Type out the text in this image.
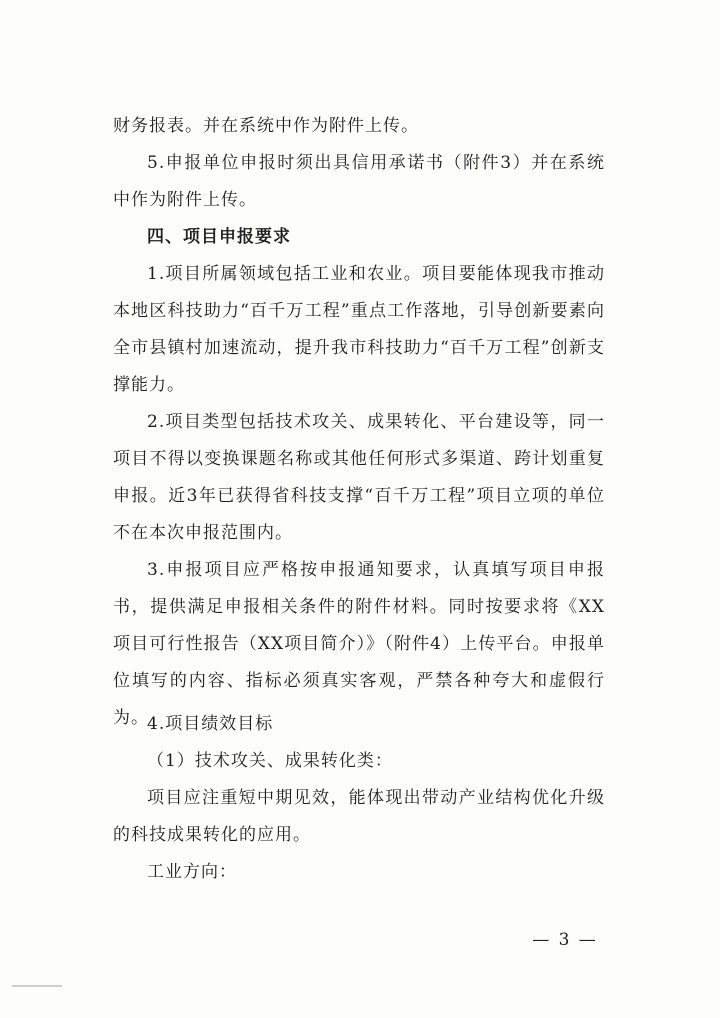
财务报表。并在系统中作为附件上传。

5.申报单位申报时须出具信用承诺书（附件3）并在系统中作为附件上传。

四、项目申报要求

1.项目所属领域包括工业和农业。项目要能体现我市推动本地区科技助力“百千万工程”重点工作落地，引导创新要素向全市县镇村加速流动，提升我市科技助力“百千万工程”创新支撑能力。

2.项目类型包括技术攻关、成果转化、平台建设等，同一项目不得以变换课题名称或其他任何形式多渠道、跨计划重复申报。近3年已获得省科技支撑“百千万工程”项目立项的单位不在本次申报范围内。

3.申报项目应严格按申报通知要求，认真填写项目申报书，提供满足申报相关条件的附件材料。同时按要求将《XX项目可行性报告（XX项目简介）》（附件4）上传平台。申报单位填写的内容、指标必须真实客观，严禁各种夸大和虚假行为。

4.项目绩效目标

（1）技术攻关、成果转化类：

项目应注重短中期见效，能体现出带动产业结构优化升级的科技成果转化的应用。

工业方向：

— 3 —
